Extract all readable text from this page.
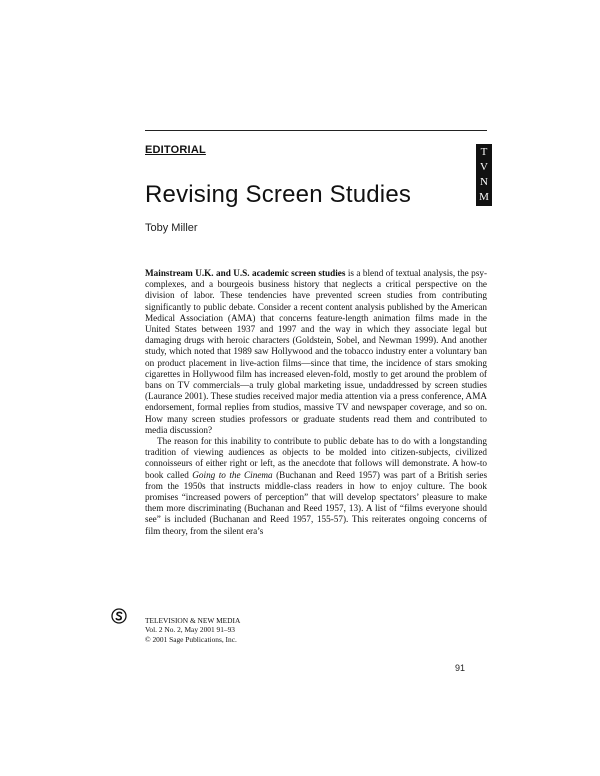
EDITORIAL	T
V
N
M
Revising Screen Studies
Toby Miller

Mainstream U.K. and U.S. academic screen studies is a blend of textual analysis, the psy-complexes, and a bourgeois business history that neglects a critical perspective on the division of labor. These tendencies have prevented screen studies from contributing significantly to public debate. Consider a recent content analysis published by the American Medical Association (AMA) that concerns feature-length animation films made in the United States between 1937 and 1997 and the way in which they associate legal but damaging drugs with heroic characters (Goldstein, Sobel, and Newman 1999). And another study, which noted that 1989 saw Hollywood and the tobacco industry enter a voluntary ban on product placement in live-action films—since that time, the incidence of stars smoking cigarettes in Hollywood film has increased eleven-fold, mostly to get around the problem of bans on TV commercials—a truly global marketing issue, undaddressed by screen studies (Laurance 2001). These studies received major media attention via a press conference, AMA endorsement, formal replies from studios, massive TV and newspaper coverage, and so on. How many screen studies professors or graduate students read them and contributed to media discussion?

The reason for this inability to contribute to public debate has to do with a longstanding tradition of viewing audiences as objects to be molded into citizen-subjects, civilized connoisseurs of either right or left, as the anecdote that follows will demonstrate. A how-to book called Going to the Cinema (Buchanan and Reed 1957) was part of a British series from the 1950s that instructs middle-class readers in how to enjoy culture. The book promises “increased powers of perception” that will develop spectators’ pleasure to make them more discriminating (Buchanan and Reed 1957, 13). A list of “films everyone should see” is included (Buchanan and Reed 1957, 155-57). This reiterates ongoing concerns of film theory, from the silent era’s

TELEVISION & NEW MEDIA
Vol. 2 No. 2, May 2001 91–93
© 2001 Sage Publications, Inc.
91
